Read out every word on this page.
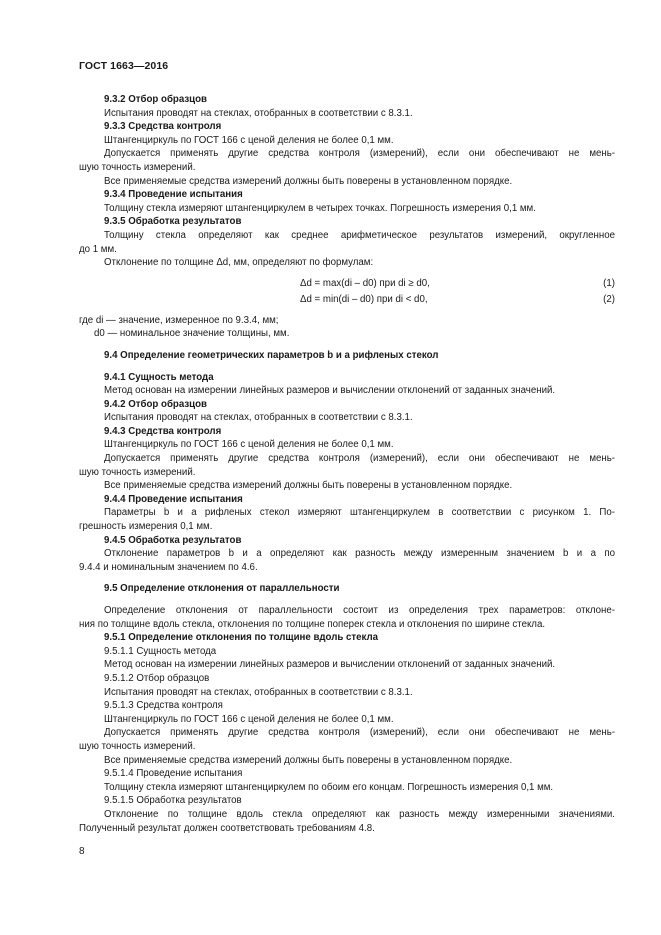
ГОСТ 1663—2016

9.3.2 Отбор образцов

Испытания проводят на стеклах, отобранных в соответствии с 8.3.1.

9.3.3 Средства контроля

Штангенциркуль по ГОСТ 166 с ценой деления не более 0,1 мм.

Допускается применять другие средства контроля (измерений), если они обеспечивают не мень-

шую точность измерений.

Все применяемые средства измерений должны быть поверены в установленном порядке.

9.3.4 Проведение испытания

Толщину стекла измеряют штангенциркулем в четырех точках. Погрешность измерения 0,1 мм.

9.3.5 Обработка результатов

Толщину стекла определяют как среднее арифметическое результатов измерений, округленное

до 1 мм.

Отклонение по толщине Δd, мм, определяют по формулам:

Δd = max(di – d0) при di ≥ d0,	(1)
Δd = min(di – d0) при di < d0,	(2)

где di — значение, измеренное по 9.3.4, мм;

d0 — номинальное значение толщины, мм.

9.4 Определение геометрических параметров b и a рифленых стекол

9.4.1 Сущность метода

Метод основан на измерении линейных размеров и вычислении отклонений от заданных значений.

9.4.2 Отбор образцов

Испытания проводят на стеклах, отобранных в соответствии с 8.3.1.

9.4.3 Средства контроля

Штангенциркуль по ГОСТ 166 с ценой деления не более 0,1 мм.

Допускается применять другие средства контроля (измерений), если они обеспечивают не мень-

шую точность измерений.

Все применяемые средства измерений должны быть поверены в установленном порядке.

9.4.4 Проведение испытания

Параметры b и a рифленых стекол измеряют штангенциркулем в соответствии с рисунком 1. По-

грешность измерения 0,1 мм.

9.4.5 Обработка результатов

Отклонение параметров b и a определяют как разность между измеренным значением b и a по

9.4.4 и номинальным значением по 4.6.

9.5 Определение отклонения от параллельности

Определение отклонения от параллельности состоит из определения трех параметров: отклоне-

ния по толщине вдоль стекла, отклонения по толщине поперек стекла и отклонения по ширине стекла.

9.5.1 Определение отклонения по толщине вдоль стекла

9.5.1.1 Сущность метода

Метод основан на измерении линейных размеров и вычислении отклонений от заданных значений.

9.5.1.2 Отбор образцов

Испытания проводят на стеклах, отобранных в соответствии с 8.3.1.

9.5.1.3 Средства контроля

Штангенциркуль по ГОСТ 166 с ценой деления не более 0,1 мм.

Допускается применять другие средства контроля (измерений), если они обеспечивают не мень-

шую точность измерений.

Все применяемые средства измерений должны быть поверены в установленном порядке.

9.5.1.4 Проведение испытания

Толщину стекла измеряют штангенциркулем по обоим его концам. Погрешность измерения 0,1 мм.

9.5.1.5 Обработка результатов

Отклонение по толщине вдоль стекла определяют как разность между измеренными значениями.

Полученный результат должен соответствовать требованиям 4.8.

8
